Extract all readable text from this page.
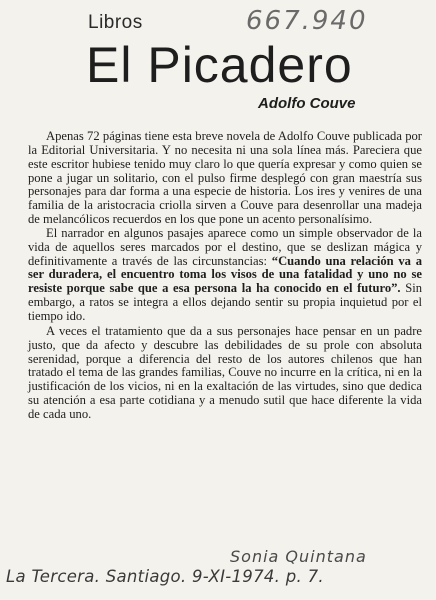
Libros	667.940
El Picadero
Adolfo Couve

Apenas 72 páginas tiene esta breve novela de Adolfo Couve publicada por la Editorial Universitaria. Y no necesita ni una sola línea más. Pareciera que este escritor hubiese tenido muy claro lo que quería expresar y como quien se pone a jugar un solitario, con el pulso firme desplegó con gran maestría sus personajes para dar forma a una especie de historia. Los ires y venires de una familia de la aristocracia criolla sirven a Couve para desenrollar una madeja de melancólicos recuerdos en los que pone un acento personalísimo.

El narrador en algunos pasajes aparece como un simple observador de la vida de aquellos seres marcados por el destino, que se deslizan mágica y definitivamente a través de las circunstancias: “Cuando una relación va a ser duradera, el encuentro toma los visos de una fatalidad y uno no se resiste porque sabe que a esa persona la ha conocido en el futuro”. Sin embargo, a ratos se integra a ellos dejando sentir su propia inquietud por el tiempo ido.

A veces el tratamiento que da a sus personajes hace pensar en un padre justo, que da afecto y descubre las debilidades de su prole con absoluta serenidad, porque a diferencia del resto de los autores chilenos que han tratado el tema de las grandes familias, Couve no incurre en la crítica, ni en la justificación de los vicios, ni en la exaltación de las virtudes, sino que dedica su atención a esa parte cotidiana y a menudo sutil que hace diferente la vida de cada uno.

Sonia Quintana
La Tercera. Santiago. 9-XI-1974. p. 7.
